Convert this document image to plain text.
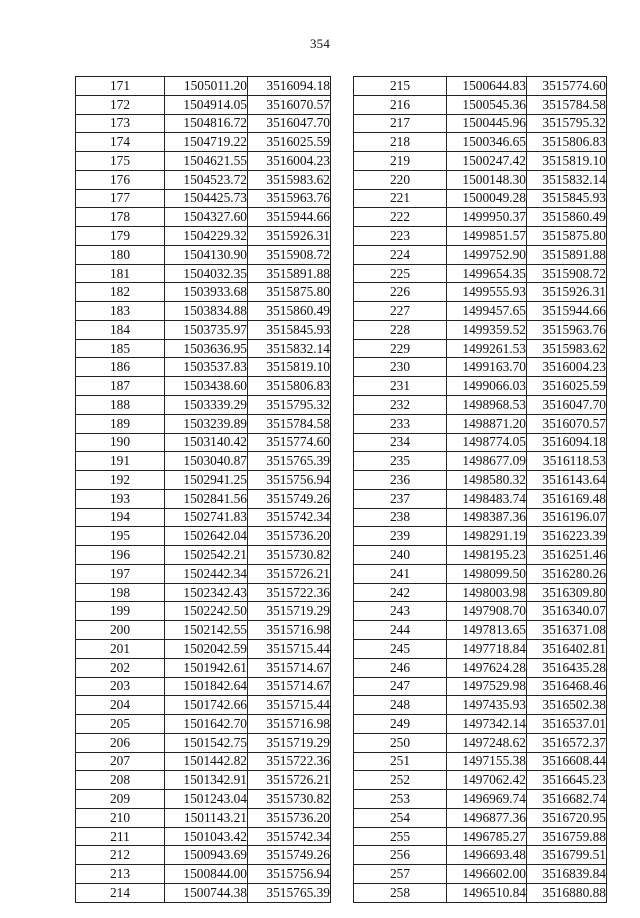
354
171	1505011.20	3516094.18
172	1504914.05	3516070.57
173	1504816.72	3516047.70
174	1504719.22	3516025.59
175	1504621.55	3516004.23
176	1504523.72	3515983.62
177	1504425.73	3515963.76
178	1504327.60	3515944.66
179	1504229.32	3515926.31
180	1504130.90	3515908.72
181	1504032.35	3515891.88
182	1503933.68	3515875.80
183	1503834.88	3515860.49
184	1503735.97	3515845.93
185	1503636.95	3515832.14
186	1503537.83	3515819.10
187	1503438.60	3515806.83
188	1503339.29	3515795.32
189	1503239.89	3515784.58
190	1503140.42	3515774.60
191	1503040.87	3515765.39
192	1502941.25	3515756.94
193	1502841.56	3515749.26
194	1502741.83	3515742.34
195	1502642.04	3515736.20
196	1502542.21	3515730.82
197	1502442.34	3515726.21
198	1502342.43	3515722.36
199	1502242.50	3515719.29
200	1502142.55	3515716.98
201	1502042.59	3515715.44
202	1501942.61	3515714.67
203	1501842.64	3515714.67
204	1501742.66	3515715.44
205	1501642.70	3515716.98
206	1501542.75	3515719.29
207	1501442.82	3515722.36
208	1501342.91	3515726.21
209	1501243.04	3515730.82
210	1501143.21	3515736.20
211	1501043.42	3515742.34
212	1500943.69	3515749.26
213	1500844.00	3515756.94
214	1500744.38	3515765.39
215	1500644.83	3515774.60
216	1500545.36	3515784.58
217	1500445.96	3515795.32
218	1500346.65	3515806.83
219	1500247.42	3515819.10
220	1500148.30	3515832.14
221	1500049.28	3515845.93
222	1499950.37	3515860.49
223	1499851.57	3515875.80
224	1499752.90	3515891.88
225	1499654.35	3515908.72
226	1499555.93	3515926.31
227	1499457.65	3515944.66
228	1499359.52	3515963.76
229	1499261.53	3515983.62
230	1499163.70	3516004.23
231	1499066.03	3516025.59
232	1498968.53	3516047.70
233	1498871.20	3516070.57
234	1498774.05	3516094.18
235	1498677.09	3516118.53
236	1498580.32	3516143.64
237	1498483.74	3516169.48
238	1498387.36	3516196.07
239	1498291.19	3516223.39
240	1498195.23	3516251.46
241	1498099.50	3516280.26
242	1498003.98	3516309.80
243	1497908.70	3516340.07
244	1497813.65	3516371.08
245	1497718.84	3516402.81
246	1497624.28	3516435.28
247	1497529.98	3516468.46
248	1497435.93	3516502.38
249	1497342.14	3516537.01
250	1497248.62	3516572.37
251	1497155.38	3516608.44
252	1497062.42	3516645.23
253	1496969.74	3516682.74
254	1496877.36	3516720.95
255	1496785.27	3516759.88
256	1496693.48	3516799.51
257	1496602.00	3516839.84
258	1496510.84	3516880.88
